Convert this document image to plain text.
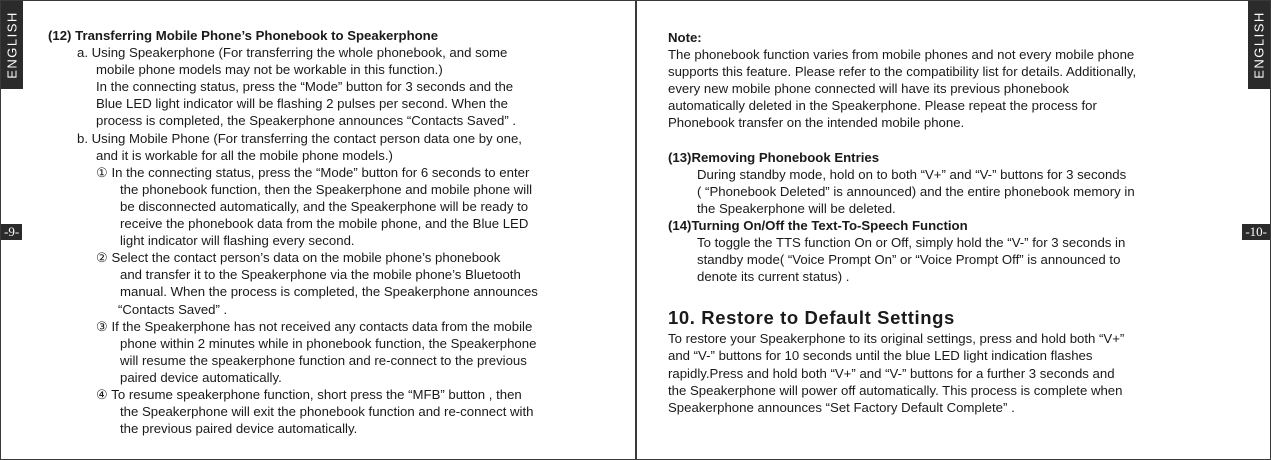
ENGLISH
-9-
(12) Transferring Mobile Phone’s Phonebook to Speakerphone
a. Using Speakerphone (For transferring the whole phonebook, and some
mobile phone models may not be workable in this function.)
In the connecting status, press the “Mode” button for 3 seconds and the
Blue LED light indicator will be flashing 2 pulses per second. When the
process is completed, the Speakerphone announces “Contacts Saved” .
b. Using Mobile Phone (For transferring the contact person data one by one,
and it is workable for all the mobile phone models.)
① In the connecting status, press the “Mode” button for 6 seconds to enter
the phonebook function, then the Speakerphone and mobile phone will
be disconnected automatically, and the Speakerphone will be ready to
receive the phonebook data from the mobile phone, and the Blue LED
light indicator will flashing every second.
② Select the contact person’s data on the mobile phone’s phonebook
and transfer it to the Speakerphone via the mobile phone’s Bluetooth
manual. When the process is completed, the Speakerphone announces
“Contacts Saved” .
③ If the Speakerphone has not received any contacts data from the mobile
phone within 2 minutes while in phonebook function, the Speakerphone
will resume the speakerphone function and re-connect to the previous
paired device automatically.
④ To resume speakerphone function, short press the “MFB” button , then
the Speakerphone will exit the phonebook function and re-connect with
the previous paired device automatically.
ENGLISH
-10-
Note:
The phonebook function varies from mobile phones and not every mobile phone
supports this feature. Please refer to the compatibility list for details. Additionally,
every new mobile phone connected will have its previous phonebook
automatically deleted in the Speakerphone. Please repeat the process for
Phonebook transfer on the intended mobile phone.
(13)Removing Phonebook Entries
During standby mode, hold on to both “V+” and “V-” buttons for 3 seconds
( “Phonebook Deleted” is announced) and the entire phonebook memory in
the Speakerphone will be deleted.
(14)Turning On/Off the Text-To-Speech Function
To toggle the TTS function On or Off, simply hold the “V-” for 3 seconds in
standby mode( “Voice Prompt On” or “Voice Prompt Off” is announced to
denote its current status) .
10. Restore to Default Settings
To restore your Speakerphone to its original settings, press and hold both “V+”
and “V-” buttons for 10 seconds until the blue LED light indication flashes
rapidly.Press and hold both “V+” and “V-” buttons for a further 3 seconds and
the Speakerphone will power off automatically. This process is complete when
Speakerphone announces “Set Factory Default Complete” .
